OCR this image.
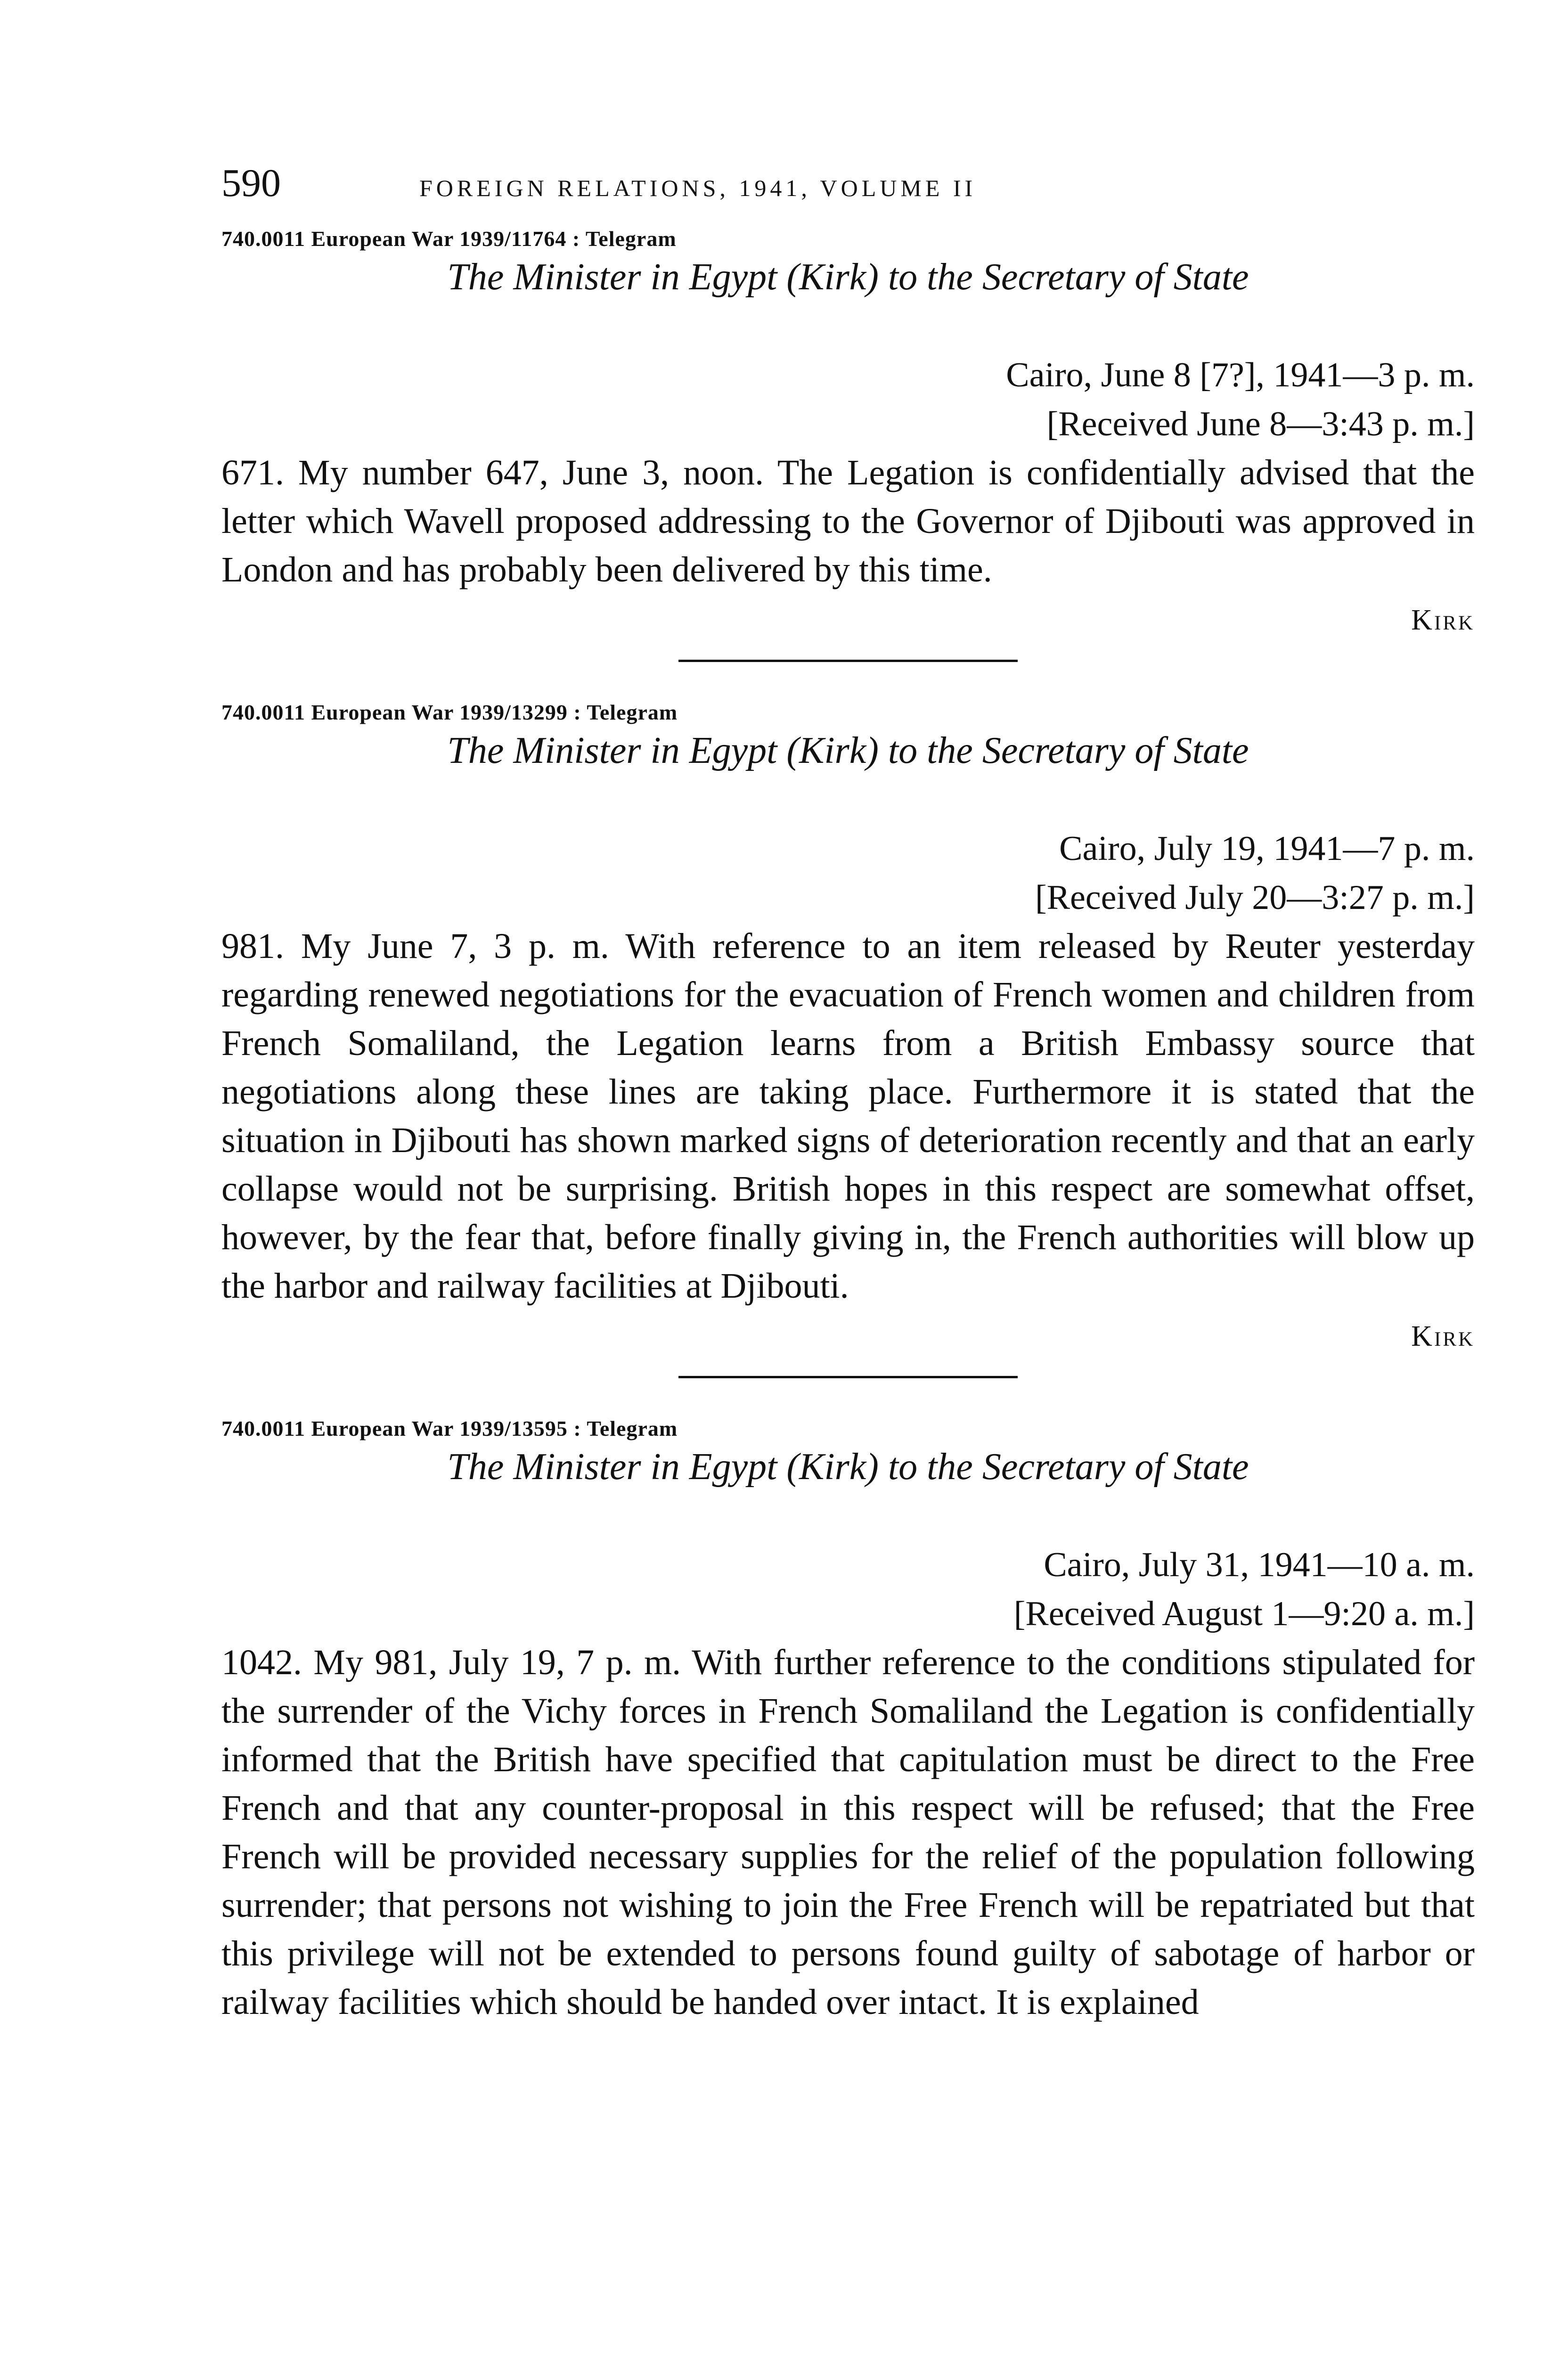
590	FOREIGN RELATIONS, 1941, VOLUME II
740.0011 European War 1939/11764 : Telegram
The Minister in Egypt (Kirk) to the Secretary of State
Cairo, June 8 [7?], 1941—3 p. m.
[Received June 8—3:43 p. m.]

671. My number 647, June 3, noon. The Legation is confidentially advised that the letter which Wavell proposed addressing to the Governor of Djibouti was approved in London and has probably been delivered by this time.

Kirk
740.0011 European War 1939/13299 : Telegram
The Minister in Egypt (Kirk) to the Secretary of State
Cairo, July 19, 1941—7 p. m.
[Received July 20—3:27 p. m.]

981. My June 7, 3 p. m. With reference to an item released by Reuter yesterday regarding renewed negotiations for the evacuation of French women and children from French Somaliland, the Legation learns from a British Embassy source that negotiations along these lines are taking place. Furthermore it is stated that the situation in Djibouti has shown marked signs of deterioration recently and that an early collapse would not be surprising. British hopes in this respect are somewhat offset, however, by the fear that, before finally giving in, the French authorities will blow up the harbor and railway facilities at Djibouti.

Kirk
740.0011 European War 1939/13595 : Telegram
The Minister in Egypt (Kirk) to the Secretary of State
Cairo, July 31, 1941—10 a. m.
[Received August 1—9:20 a. m.]

1042. My 981, July 19, 7 p. m. With further reference to the conditions stipulated for the surrender of the Vichy forces in French Somaliland the Legation is confidentially informed that the British have specified that capitulation must be direct to the Free French and that any counter-proposal in this respect will be refused; that the Free French will be provided necessary supplies for the relief of the population following surrender; that persons not wishing to join the Free French will be repatriated but that this privilege will not be extended to persons found guilty of sabotage of harbor or railway facilities which should be handed over intact. It is explained
